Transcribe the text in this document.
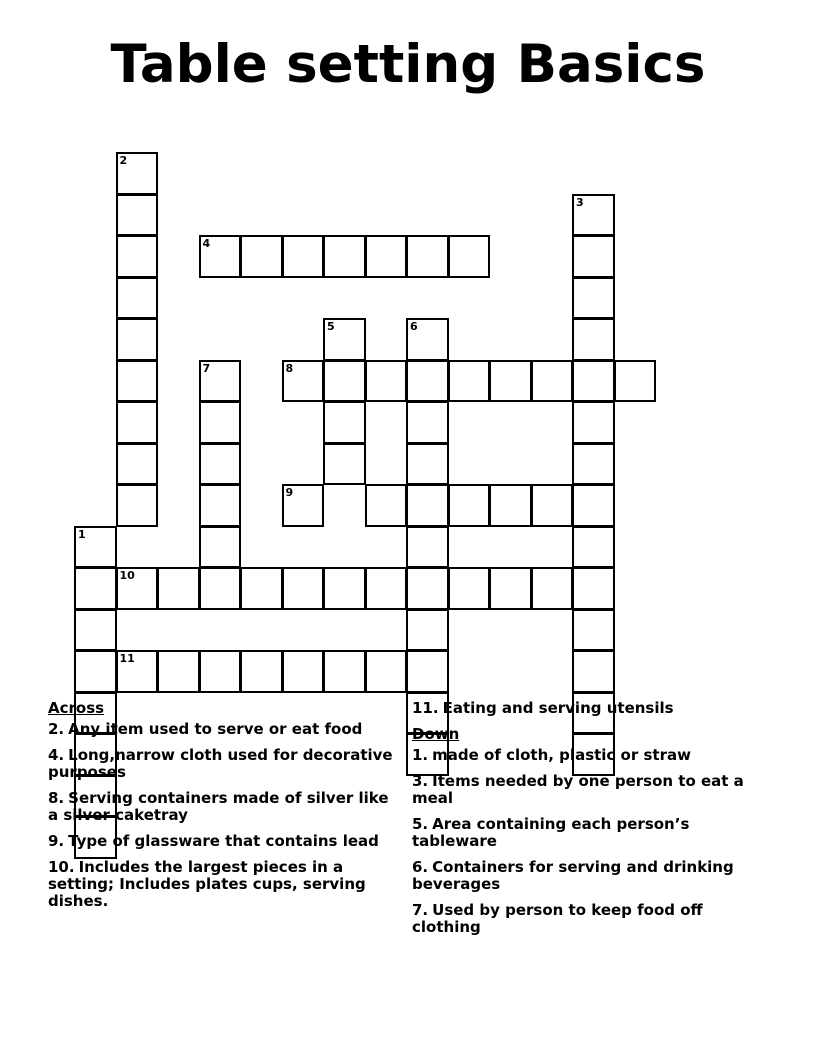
Table setting Basics
1
2
3
4
5	6
7	8
9
10
11
Across
2. Any item used to serve or eat food
4. Long,narrow cloth used for decorative purposes
8. Serving containers made of silver like a silver caketray
9. Type of glassware that contains lead
10. Includes the largest pieces in a setting; Includes plates cups, serving dishes.
11. Eating and serving utensils
Down
1. made of cloth, plastic or straw
3. Items needed by one person to eat a meal
5. Area containing each person’s tableware
6. Containers for serving and drinking beverages
7. Used by person to keep food off clothing
